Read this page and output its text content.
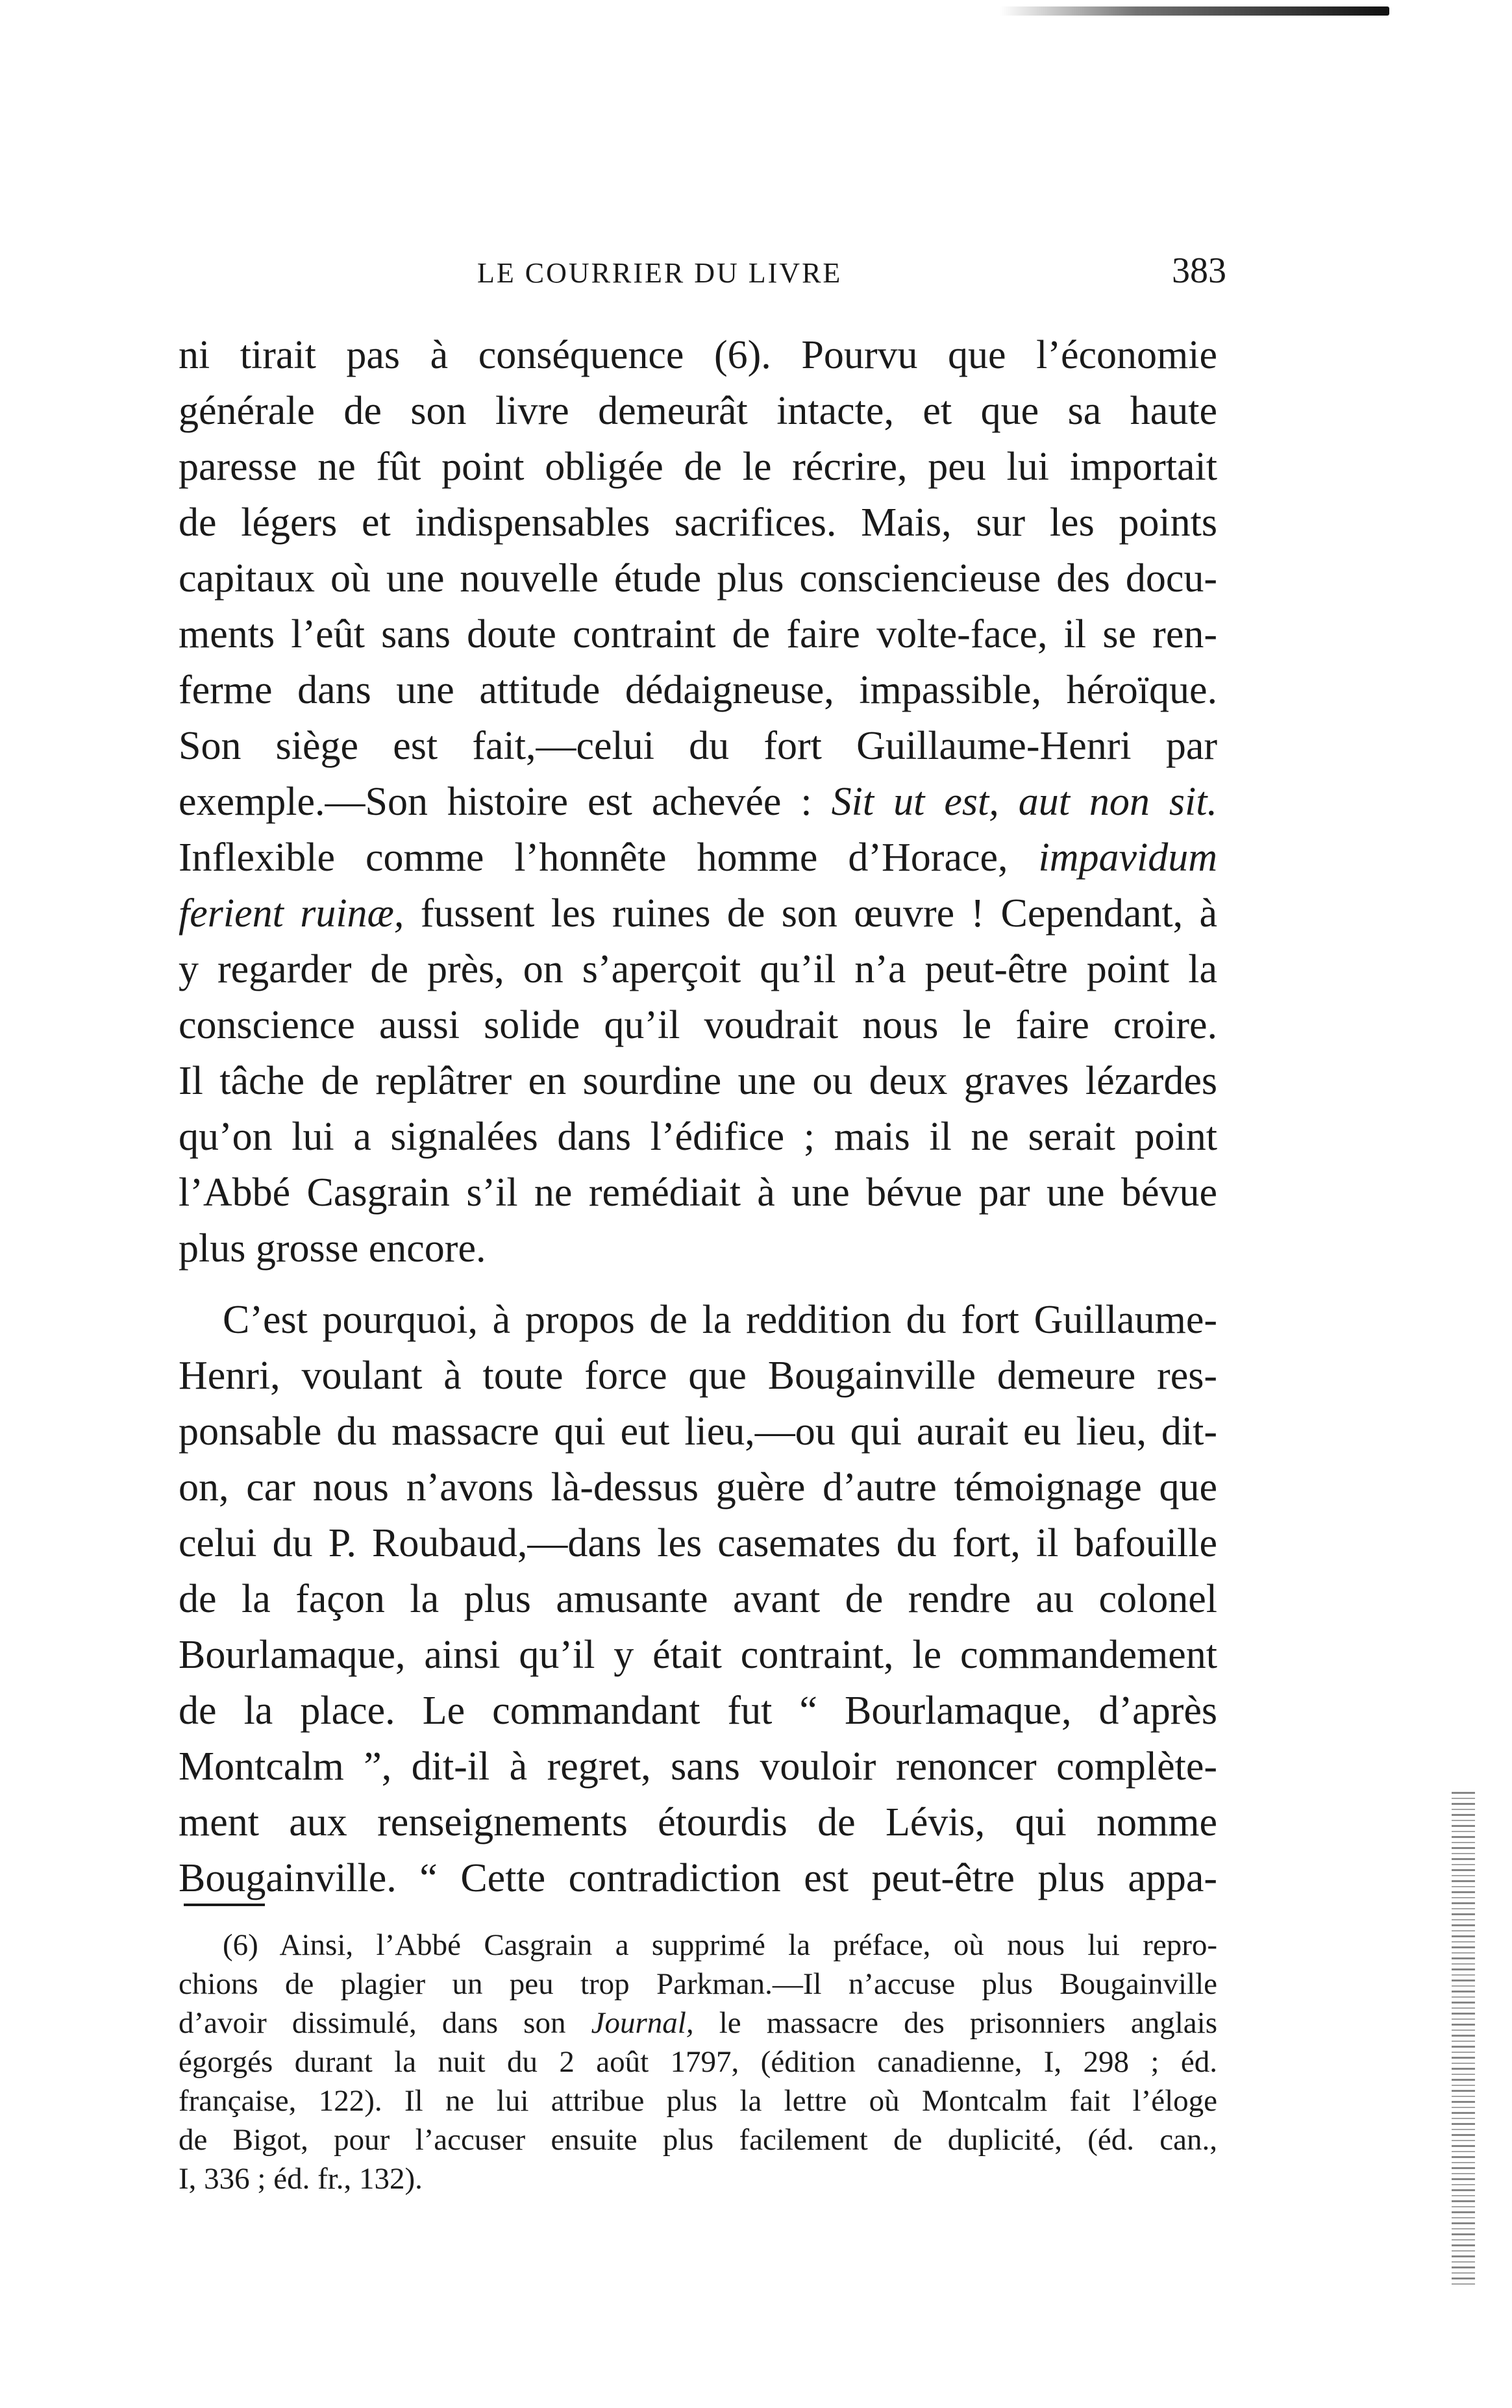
LE COURRIER DU LIVRE	383
ni tirait pas à conséquence (6). Pourvu que l’économie
générale de son livre demeurât intacte, et que sa haute
paresse ne fût point obligée de le récrire, peu lui importait
de légers et indispensables sacrifices. Mais, sur les points
capitaux où une nouvelle étude plus consciencieuse des docu-
ments l’eût sans doute contraint de faire volte-face, il se ren-
ferme dans une attitude dédaigneuse, impassible, héroïque.
Son siège est fait,—celui du fort Guillaume-Henri par
exemple.—Son histoire est achevée : Sit ut est, aut non sit.
Inflexible comme l’honnête homme d’Horace, impavidum
ferient ruinæ, fussent les ruines de son œuvre ! Cependant, à
y regarder de près, on s’aperçoit qu’il n’a peut-être point la
conscience aussi solide qu’il voudrait nous le faire croire.
Il tâche de replâtrer en sourdine une ou deux graves lézardes
qu’on lui a signalées dans l’édifice ; mais il ne serait point
l’Abbé Casgrain s’il ne remédiait à une bévue par une bévue
plus grosse encore.
C’est pourquoi, à propos de la reddition du fort Guillaume-
Henri, voulant à toute force que Bougainville demeure res-
ponsable du massacre qui eut lieu,—ou qui aurait eu lieu, dit-
on, car nous n’avons là-dessus guère d’autre témoignage que
celui du P. Roubaud,—dans les casemates du fort, il bafouille
de la façon la plus amusante avant de rendre au colonel
Bourlamaque, ainsi qu’il y était contraint, le commandement
de la place. Le commandant fut “ Bourlamaque, d’après
Montcalm ”, dit-il à regret, sans vouloir renoncer complète-
ment aux renseignements étourdis de Lévis, qui nomme
Bougainville. “ Cette contradiction est peut-être plus appa-
(6) Ainsi, l’Abbé Casgrain a supprimé la préface, où nous lui repro-
chions de plagier un peu trop Parkman.—Il n’accuse plus Bougainville
d’avoir dissimulé, dans son Journal, le massacre des prisonniers anglais
égorgés durant la nuit du 2 août 1797, (édition canadienne, I, 298 ; éd.
française, 122). Il ne lui attribue plus la lettre où Montcalm fait l’éloge
de Bigot, pour l’accuser ensuite plus facilement de duplicité, (éd. can.,
I, 336 ; éd. fr., 132).
